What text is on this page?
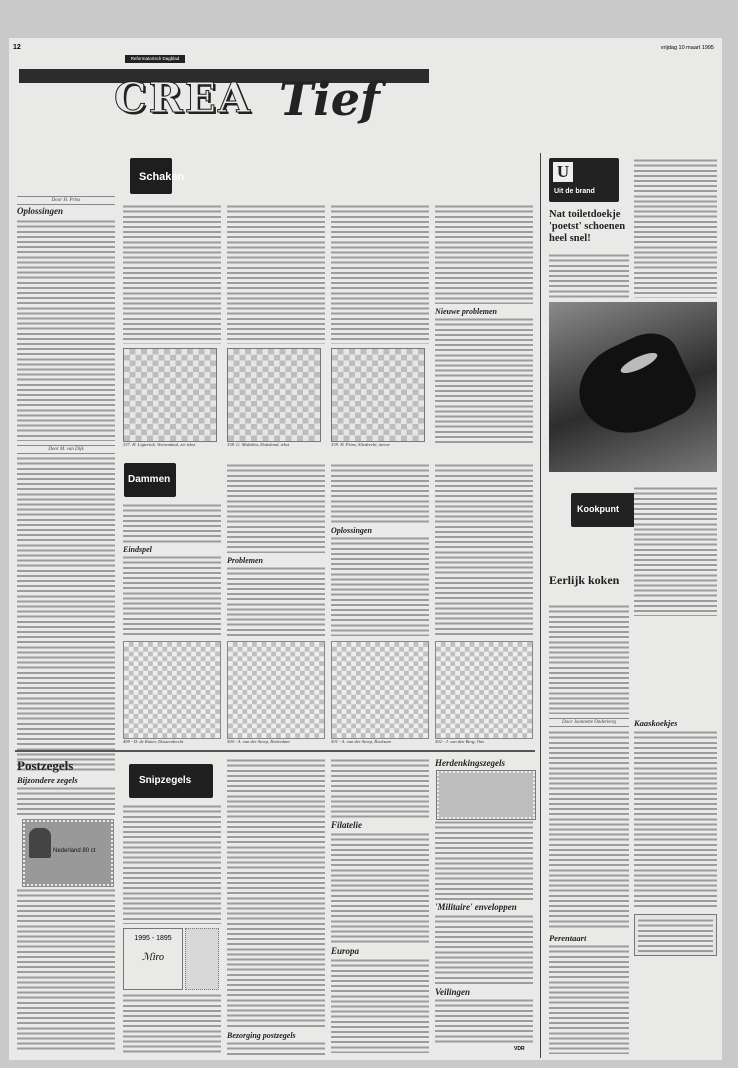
12	vrijdag 10 maart 1995
Reformatorisch Dagblad
CREA Tief
Door H. Prins
Oplossingen
Door M. van Dijk
Schaken
337. H. Ligterink, Veenendaal, zie tekst	338. G. Malekha, Duitsland, tekst	339. H. Prins, Sliedrecht, nieuw
Nieuwe problemen
Dammen
Eindspel
Problemen
Oplossingen
499 - D. de Ruiter, Dussendrecht	500 - A. van der Stoep, Rotterdam	501 - A. van der Stoep, Rocksum	502 - J. van den Berg, Ons
Postzegels
Bijzondere zegels
Nederland 80 ct
Snipzegels
1995 - 1895
ℳiro
Bezorging postzegels
Filatelie
Europa
Herdenkingszegels
'Militaire' enveloppen
Veilingen
VDR
U
Uit de brand
Nat toiletdoekje 'poetst' schoenen heel snel!
Kookpunt
Eerlijk koken
Door Jeannette Onderberg
Perentaart
Kaaskoekjes
